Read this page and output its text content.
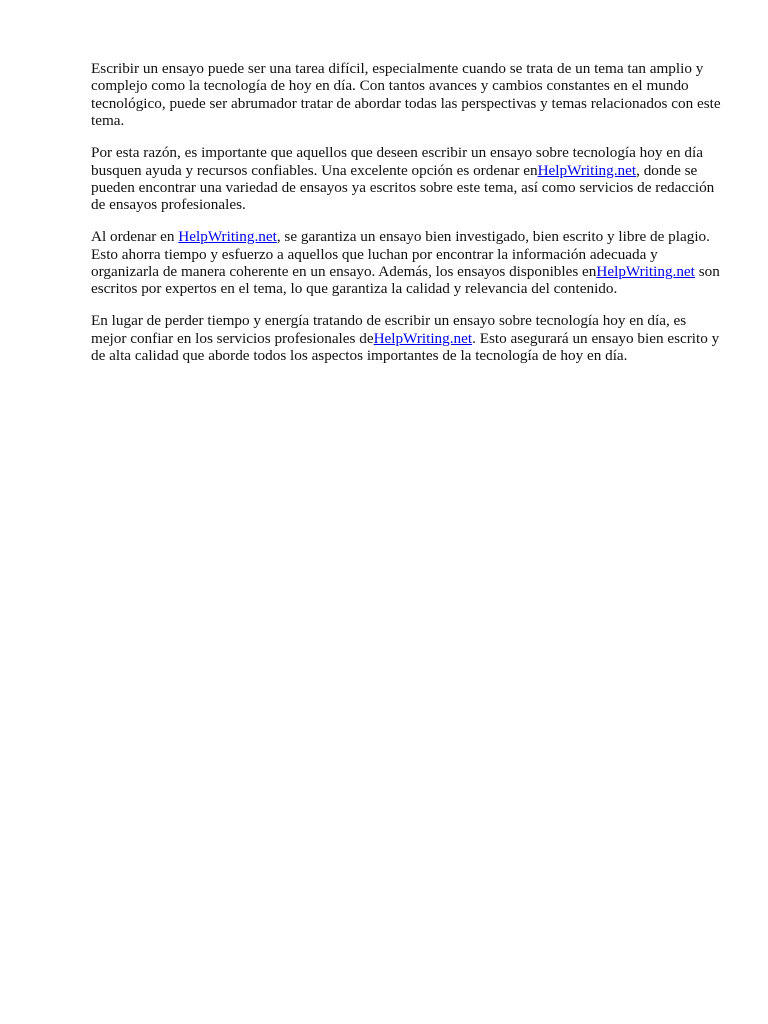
Escribir un ensayo puede ser una tarea difícil, especialmente cuando se trata de un tema tan amplio y complejo como la tecnología de hoy en día. Con tantos avances y cambios constantes en el mundo tecnológico, puede ser abrumador tratar de abordar todas las perspectivas y temas relacionados con este tema.

Por esta razón, es importante que aquellos que deseen escribir un ensayo sobre tecnología hoy en día busquen ayuda y recursos confiables. Una excelente opción es ordenar enHelpWriting.net, donde se pueden encontrar una variedad de ensayos ya escritos sobre este tema, así como servicios de redacción de ensayos profesionales.

Al ordenar en HelpWriting.net, se garantiza un ensayo bien investigado, bien escrito y libre de plagio. Esto ahorra tiempo y esfuerzo a aquellos que luchan por encontrar la información adecuada y organizarla de manera coherente en un ensayo. Además, los ensayos disponibles enHelpWriting.net son escritos por expertos en el tema, lo que garantiza la calidad y relevancia del contenido.

En lugar de perder tiempo y energía tratando de escribir un ensayo sobre tecnología hoy en día, es mejor confiar en los servicios profesionales deHelpWriting.net. Esto asegurará un ensayo bien escrito y de alta calidad que aborde todos los aspectos importantes de la tecnología de hoy en día.
